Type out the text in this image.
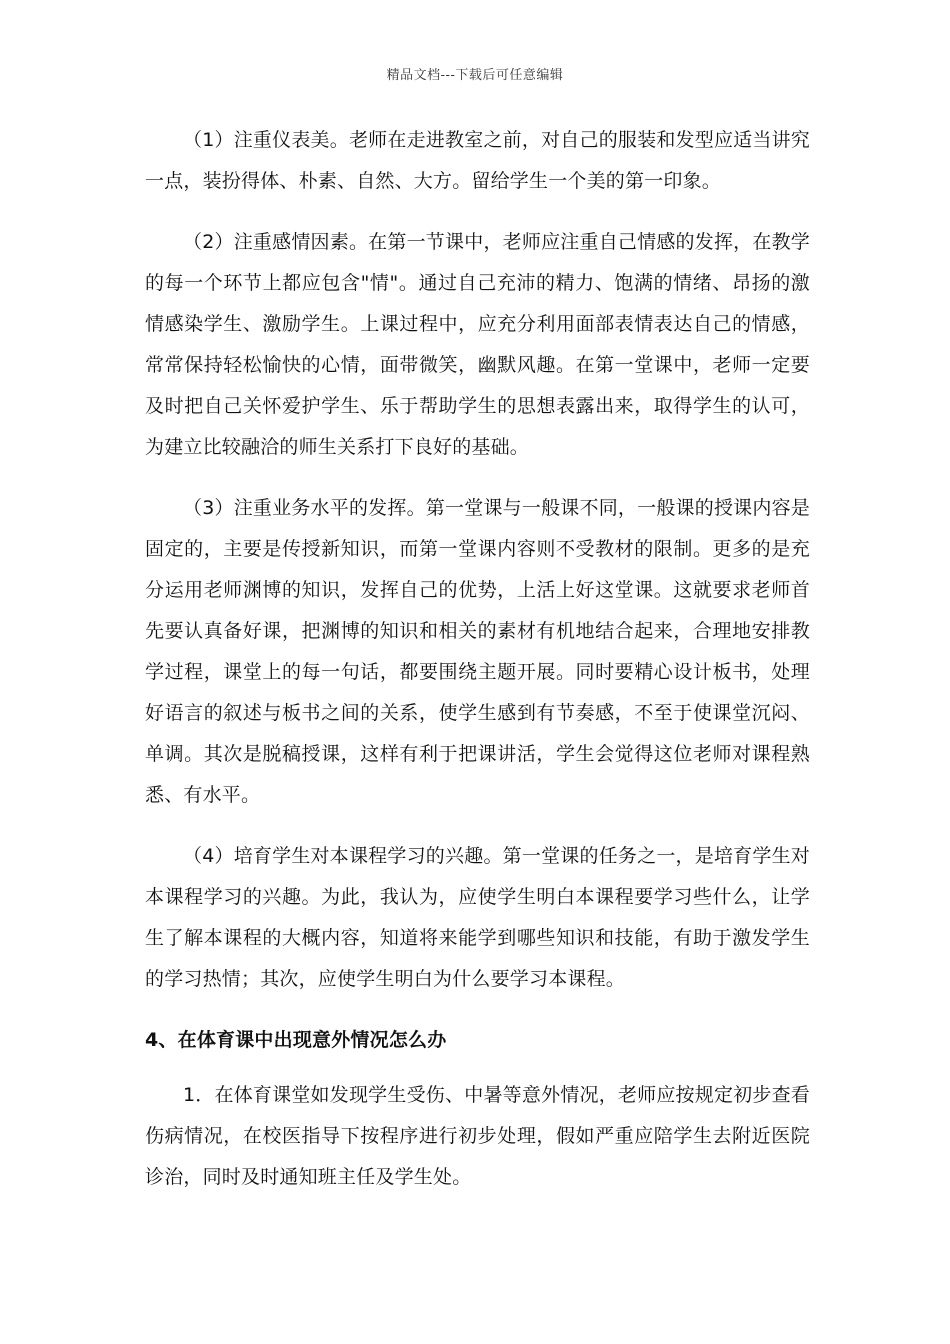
精品文档---下载后可任意编辑

（1）注重仪表美。老师在走进教室之前，对自己的服装和发型应适当讲究一点，装扮得体、朴素、自然、大方。留给学生一个美的第一印象。

（2）注重感情因素。在第一节课中，老师应注重自己情感的发挥，在教学的每一个环节上都应包含"情"。通过自己充沛的精力、饱满的情绪、昂扬的激情感染学生、激励学生。上课过程中，应充分利用面部表情表达自己的情感，常常保持轻松愉快的心情，面带微笑，幽默风趣。在第一堂课中，老师一定要及时把自己关怀爱护学生、乐于帮助学生的思想表露出来，取得学生的认可，为建立比较融洽的师生关系打下良好的基础。

（3）注重业务水平的发挥。第一堂课与一般课不同，一般课的授课内容是固定的，主要是传授新知识，而第一堂课内容则不受教材的限制。更多的是充分运用老师渊博的知识，发挥自己的优势，上活上好这堂课。这就要求老师首先要认真备好课，把渊博的知识和相关的素材有机地结合起来，合理地安排教学过程，课堂上的每一句话，都要围绕主题开展。同时要精心设计板书，处理好语言的叙述与板书之间的关系，使学生感到有节奏感，不至于使课堂沉闷、单调。其次是脱稿授课，这样有利于把课讲活，学生会觉得这位老师对课程熟悉、有水平。

（4）培育学生对本课程学习的兴趣。第一堂课的任务之一，是培育学生对本课程学习的兴趣。为此，我认为，应使学生明白本课程要学习些什么，让学生了解本课程的大概内容，知道将来能学到哪些知识和技能，有助于激发学生的学习热情；其次，应使学生明白为什么要学习本课程。

4、在体育课中出现意外情况怎么办

1．在体育课堂如发现学生受伤、中暑等意外情况，老师应按规定初步查看伤病情况，在校医指导下按程序进行初步处理，假如严重应陪学生去附近医院诊治，同时及时通知班主任及学生处。
